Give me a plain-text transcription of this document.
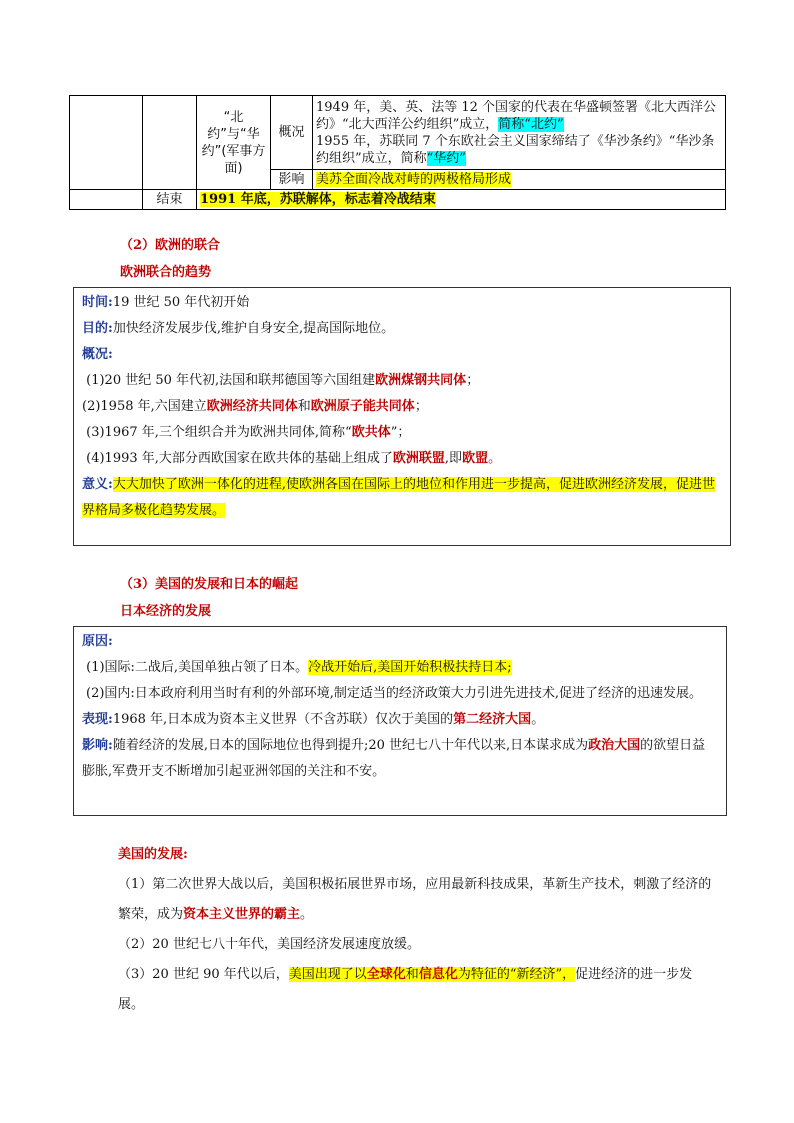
		“北约”与“华约”(军事方面)	概况	1949 年，美、英、法等 12 个国家的代表在华盛顿签署《北大西洋公约》“北大西洋公约组织”成立，简称“北约”
1955 年，苏联同 7 个东欧社会主义国家缔结了《华沙条约》“华沙条约组织”成立，简称“华约”
			影响	美苏全面冷战对峙的两极格局形成
	结束	1991 年底，苏联解体，标志着冷战结束		
（2）欧洲的联合
欧洲联合的趋势

时间:19 世纪 50 年代初开始

目的:加快经济发展步伐,维护自身安全,提高国际地位。

概况:

(1)20 世纪 50 年代初,法国和联邦德国等六国组建欧洲煤钢共同体；

(2)1958 年,六国建立欧洲经济共同体和欧洲原子能共同体；

(3)1967 年,三个组织合并为欧洲共同体,简称“欧共体”；

(4)1993 年,大部分西欧国家在欧共体的基础上组成了欧洲联盟,即欧盟。

意义:大大加快了欧洲一体化的进程,使欧洲各国在国际上的地位和作用进一步提高，促进欧洲经济发展，促进世界格局多极化趋势发展。

（3）美国的发展和日本的崛起
日本经济的发展

原因:

(1)国际:二战后,美国单独占领了日本。冷战开始后,美国开始积极扶持日本;

(2)国内:日本政府利用当时有利的外部环境,制定适当的经济政策大力引进先进技术,促进了经济的迅速发展。

表现:1968 年,日本成为资本主义世界（不含苏联）仅次于美国的第二经济大国。

影响:随着经济的发展,日本的国际地位也得到提升;20 世纪七八十年代以来,日本谋求成为政治大国的欲望日益膨胀,军费开支不断增加引起亚洲邻国的关注和不安。

美国的发展:

（1）第二次世界大战以后，美国积极拓展世界市场，应用最新科技成果，革新生产技术，刺激了经济的繁荣，成为资本主义世界的霸主。

（2）20 世纪七八十年代，美国经济发展速度放缓。

（3）20 世纪 90 年代以后，美国出现了以全球化和信息化为特征的“新经济”，促进经济的进一步发展。
